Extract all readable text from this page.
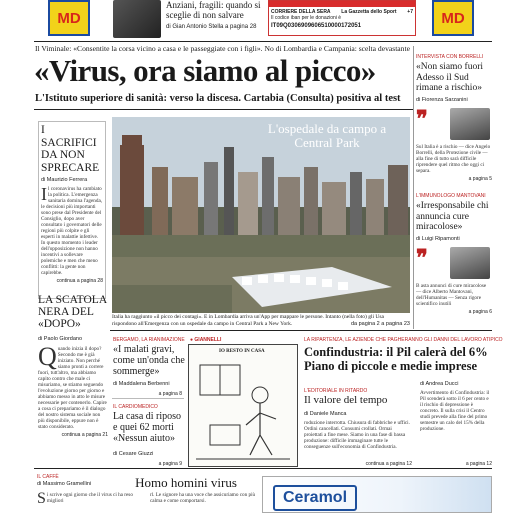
MD
Anziani, fragili: quando si sceglie di non salvare
di Gian Antonio Stella a pagina 28
CORRIERE DELLA SERA La Gazzetta dello Sport +7
Il codice iban per le donazioni è
IT09Q0306909606510000172051	MD
Il Viminale: «Consentite la corsa vicino a casa e le passeggiate con i figli». No di Lombardia e Campania: scelta devastante
«Virus, ora siamo al picco»
L'Istituto superiore di sanità: verso la discesa. Cartabia (Consulta) positiva al test
I SACRIFICI DA NON SPRECARE
di Maurizio Ferrera
Il coronavirus ha cambiato la politica. L'emergenza sanitaria domina l'agenda, le decisioni più importanti sono prese dal Presidente del Consiglio, dopo aver consultato i governatori delle regioni più colpite e gli esperti in malattie infettive. In questo momento i leader dell'opposizione non hanno incentivi a sollevare polemiche e men che meno conflitti: la gente non capirebbe.
continua a pagina 28
LA SCATOLA NERA DEL «DOPO»
di Paolo Giordano
Quando inizia il dopo? Secondo me è già iniziato. Non perché siamo pronti a correre fuori, tutt'altro, ma abbiamo capito contro che male ci misuriamo, se stiamo seguendo l'evoluzione giorno per giorno e abbiamo messo in atto le misure necessarie per contenerlo. Capire a cosa ci prepariamo è il dialogo del nostro sistema sociale non più disponibile, eppure non è stato considerato.
continua a pagina 21
L'ospedale da campo a Central Park
Italia ha raggiunto «il picco dei contagi». E in Lombardia arriva un'App per mappare le persone. Intanto (nella foto) gli Usa rispondono all'Emergenza con un ospedale da campo in Central Park a New York.	da pagina 2 a pagina 23
INTERVISTA CON BORRELLI
«Non siamo fuori Adesso il Sud rimane a rischio»
di Fiorenza Sarzanini
❞
Sul Italia è a rischio — dice Angelo Borrelli, della Protezione civile — alla fine di tutto sarà difficile riprendere quel ritmo che oggi ci separa.
a pagina 5
L'IMMUNOLOGO MANTOVANI
«Irresponsabile chi annuncia cure miracolose»
di Luigi Ripamonti
❞
B asta annunci di cure miracolose — dice Alberto Mantovani, dell'Humanitas — Senza rigore scientifico inutili
a pagina 6
BERGAMO, LA RIANIMAZIONE
«I malati gravi, come un'onda che sommerge»
di Maddalena Berbenni
a pagina 8
IL CARDIOMEDICO
La casa di riposo e quei 62 morti «Nessun aiuto»
di Cesare Giuzzi
a pagina 9
● GIANNELLI
IO RESTO IN CASA
LA RIPARTENZA, LE AZIENDE CHE PAGHERANNO GLI DANNI DEL LAVORO ATIPICO
Confindustria: il Pil calerà del 6% Piano di piccole e medie imprese
L'EDITORIALE IN RITARDO
Il valore del tempo
di Daniele Manca
roduzione interrotta. Chiusura di fabbriche e uffici. Ordini cancellati. Consumi crollati. Ormai proiettati a fine mese. Siamo in una fase di bassa produzione: difficile immaginare tutte le conseguenze sull'economia di Confindustria.
continua a pagina 12
di Andrea Ducci
Avvertimento di Confindustria: il Pil scenderà sotto il 6 per cento e il rischio di depressione è concreto. Il sulla crisi il Centro studi prevede alla fine del primo semestre un calo del 15% della produzione.
a pagina 12
IL CAFFÈ
di Massimo Gramellini	Homo homini virus
Si scrive ogni giorno che il virus ci ha reso migliori
rl. Le signore ha una voce che assicuriamo con più calma e come comportarsi.	Ceramol
